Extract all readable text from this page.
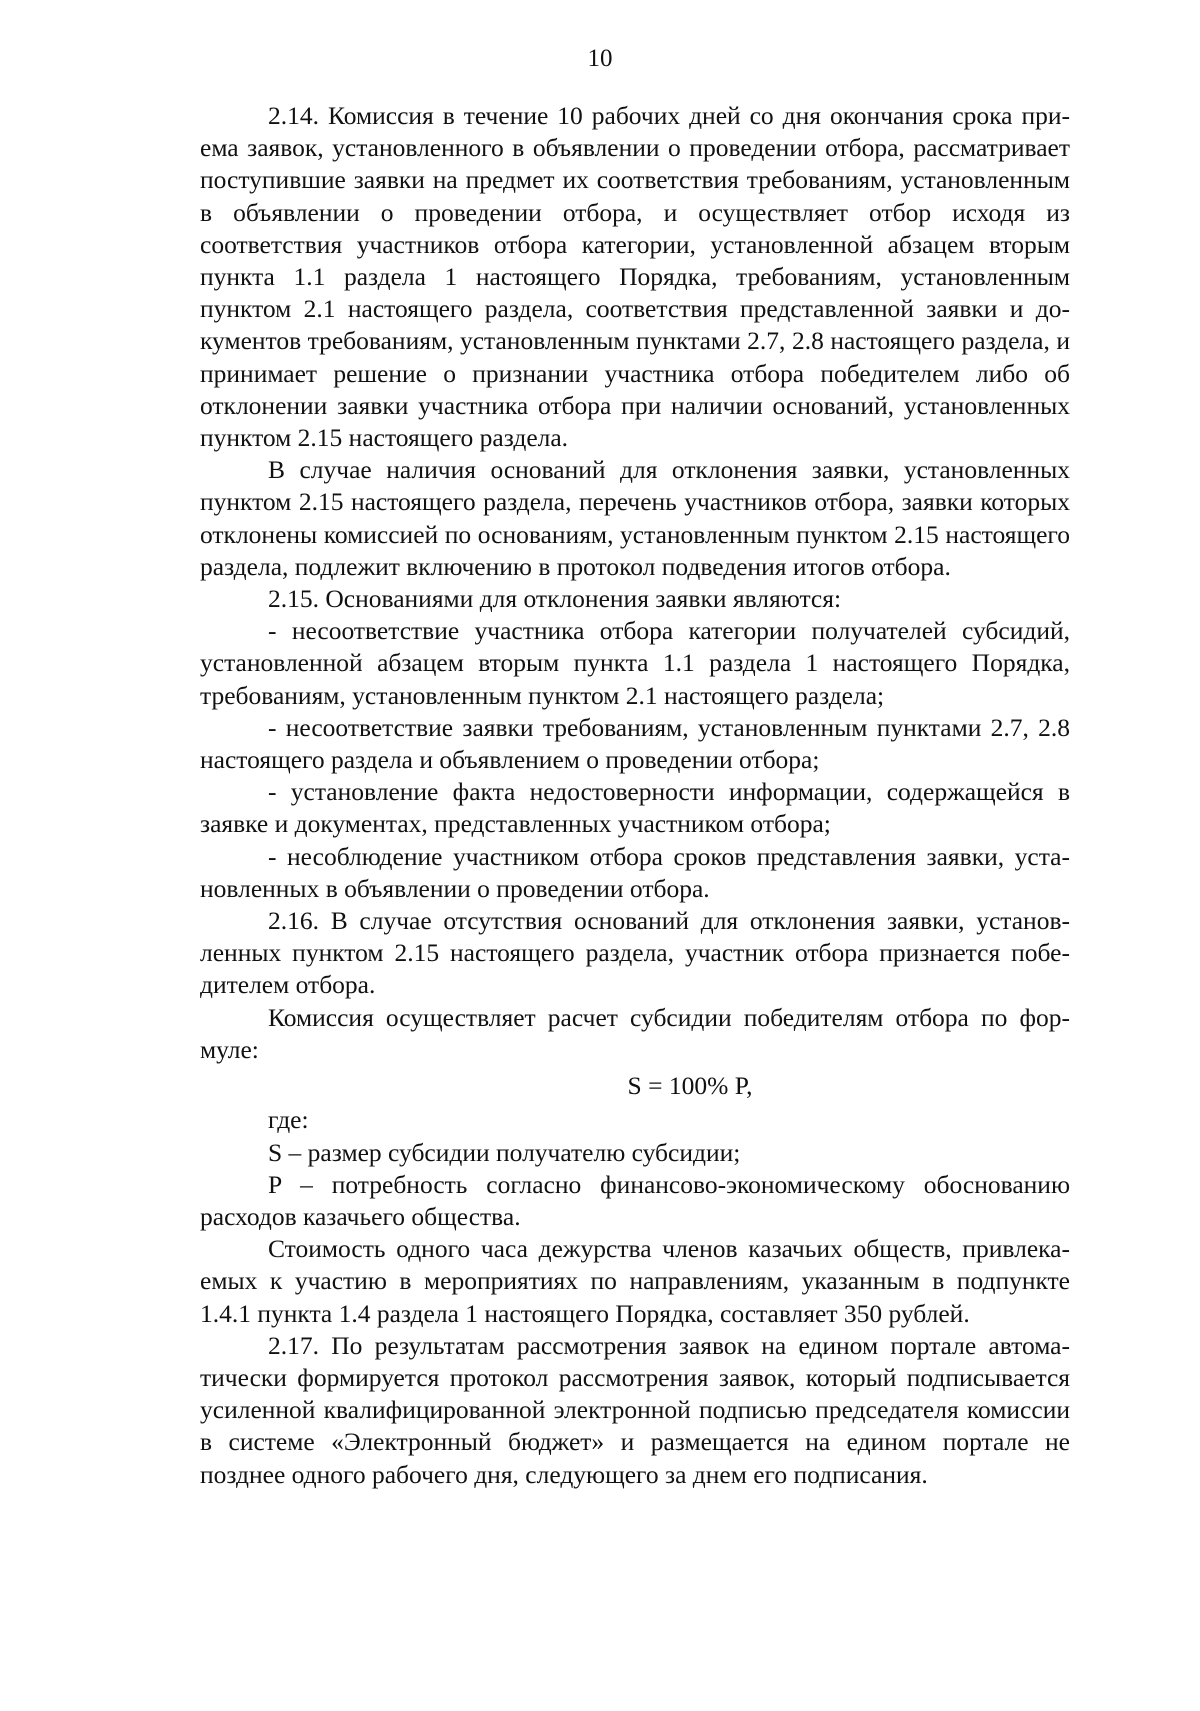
10

2.14. Комиссия в течение 10 рабочих дней со дня окончания срока приема заявок, установленного в объявлении о проведении отбора, рассматривает поступившие заявки на предмет их соответствия требованиям, установленным в объявлении о проведении отбора, и осуществляет отбор исходя из соответствия участников отбора категории, установленной абзацем вторым пункта 1.1 раздела 1 настоящего Порядка, требованиям, установленным пунктом 2.1 настоящего раздела, соответствия представленной заявки и документов требованиям, установленным пунктами 2.7, 2.8 настоящего раздела, и принимает решение о признании участника отбора победителем либо об отклонении заявки участника отбора при наличии оснований, установленных пунктом 2.15 настоящего раздела.

В случае наличия оснований для отклонения заявки, установленных пунктом 2.15 настоящего раздела, перечень участников отбора, заявки которых отклонены комиссией по основаниям, установленным пунктом 2.15 настоящего раздела, подлежит включению в протокол подведения итогов отбора.

2.15. Основаниями для отклонения заявки являются:

- несоответствие участника отбора категории получателей субсидий, установленной абзацем вторым пункта 1.1 раздела 1 настоящего Порядка, требованиям, установленным пунктом 2.1 настоящего раздела;

- несоответствие заявки требованиям, установленным пунктами 2.7, 2.8 настоящего раздела и объявлением о проведении отбора;

- установление факта недостоверности информации, содержащейся в заявке и документах, представленных участником отбора;

- несоблюдение участником отбора сроков представления заявки, установленных в объявлении о проведении отбора.

2.16. В случае отсутствия оснований для отклонения заявки, установленных пунктом 2.15 настоящего раздела, участник отбора признается победителем отбора.

Комиссия осуществляет расчет субсидии победителям отбора по формуле:

S = 100% P,

где:

S – размер субсидии получателю субсидии;

P – потребность согласно финансово-экономическому обоснованию расходов казачьего общества.

Стоимость одного часа дежурства членов казачьих обществ, привлекаемых к участию в мероприятиях по направлениям, указанным в подпункте 1.4.1 пункта 1.4 раздела 1 настоящего Порядка, составляет 350 рублей.

2.17. По результатам рассмотрения заявок на едином портале автоматически формируется протокол рассмотрения заявок, который подписывается усиленной квалифицированной электронной подписью председателя комиссии в системе «Электронный бюджет» и размещается на едином портале не позднее одного рабочего дня, следующего за днем его подписания.
